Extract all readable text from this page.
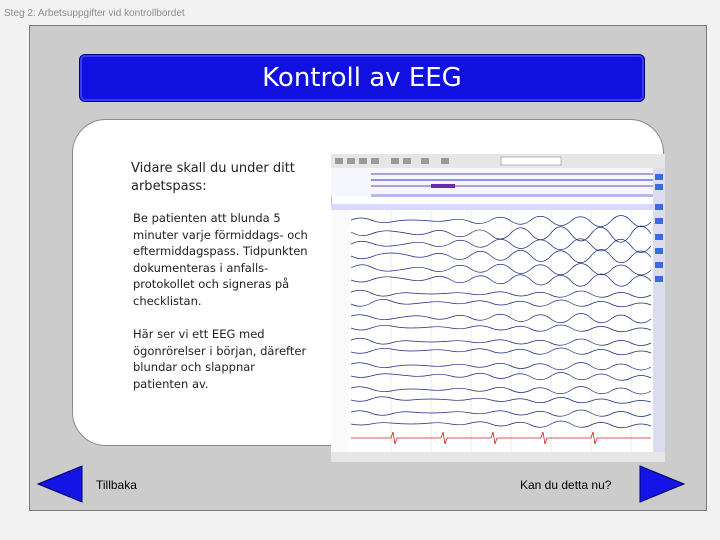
Steg 2: Arbetsuppgifter vid kontrollbordet
Kontroll av EEG
Vidare skall du under ditt arbetspass:
Be patienten att blunda 5 minuter varje förmiddags- och eftermiddagspass. Tidpunkten dokumenteras i anfalls-protokollet och signeras på checklistan.
Här ser vi ett EEG med ögonrörelser i början, därefter blundar och slappnar patienten av.
Tillbaka	Kan du detta nu?
